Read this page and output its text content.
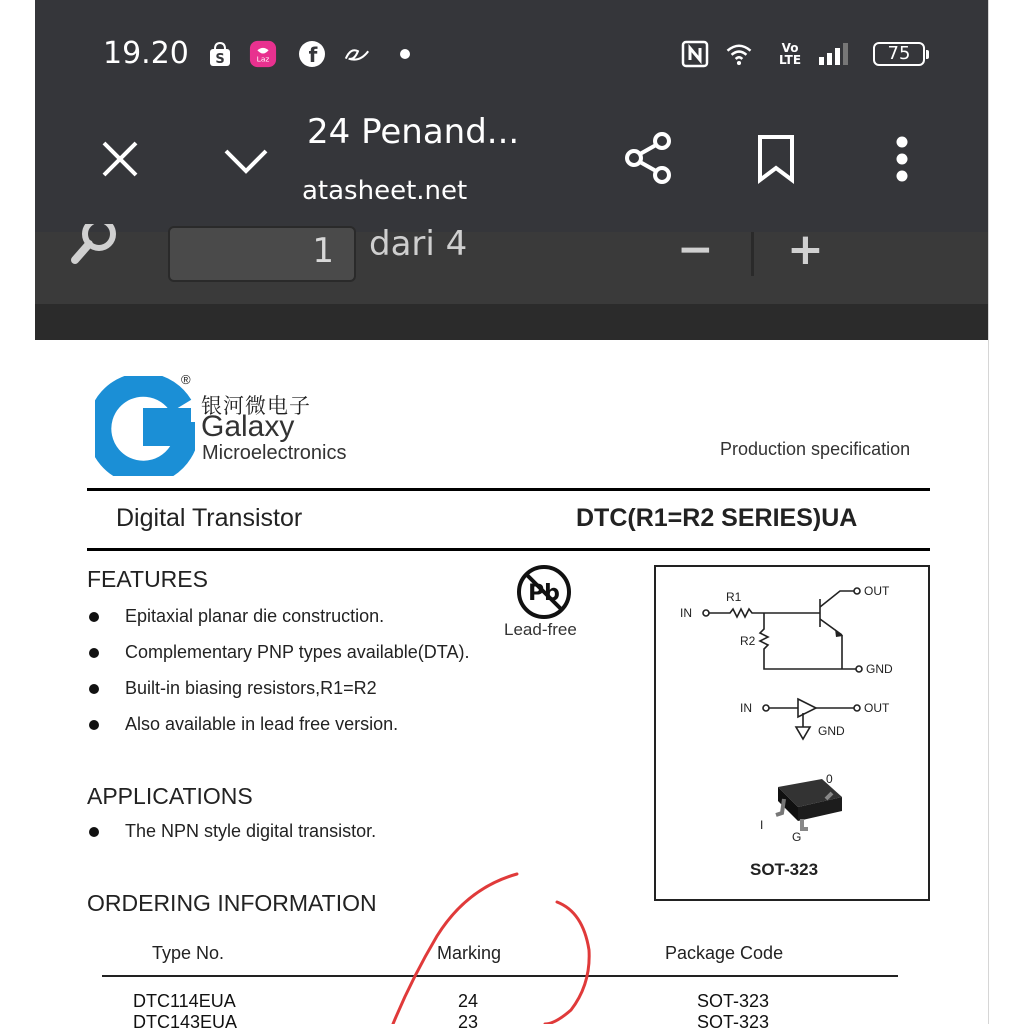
19.20 S	Laz f	Vo LTE	75
24 Penand...
atasheet.net
1	dari 4	− +
®
银河微电子
Galaxy
Microelectronics	Production specification
Digital Transistor	DTC(R1=R2 SERIES)UA
FEATURES
Epitaxial planar die construction.
Complementary PNP types available(DTA).
Built-in biasing resistors,R1=R2
Also available in lead free version.
Pb
Lead-free
APPLICATIONS
The NPN style digital transistor.
ORDERING INFORMATION
Type No.	Marking	Package Code
DTC114EUA	24	SOT-323
DTC143EUA	23	SOT-323
IN
OUT
GND
R1
R2
IN	OUT
GND
0
I
G
SOT-323
